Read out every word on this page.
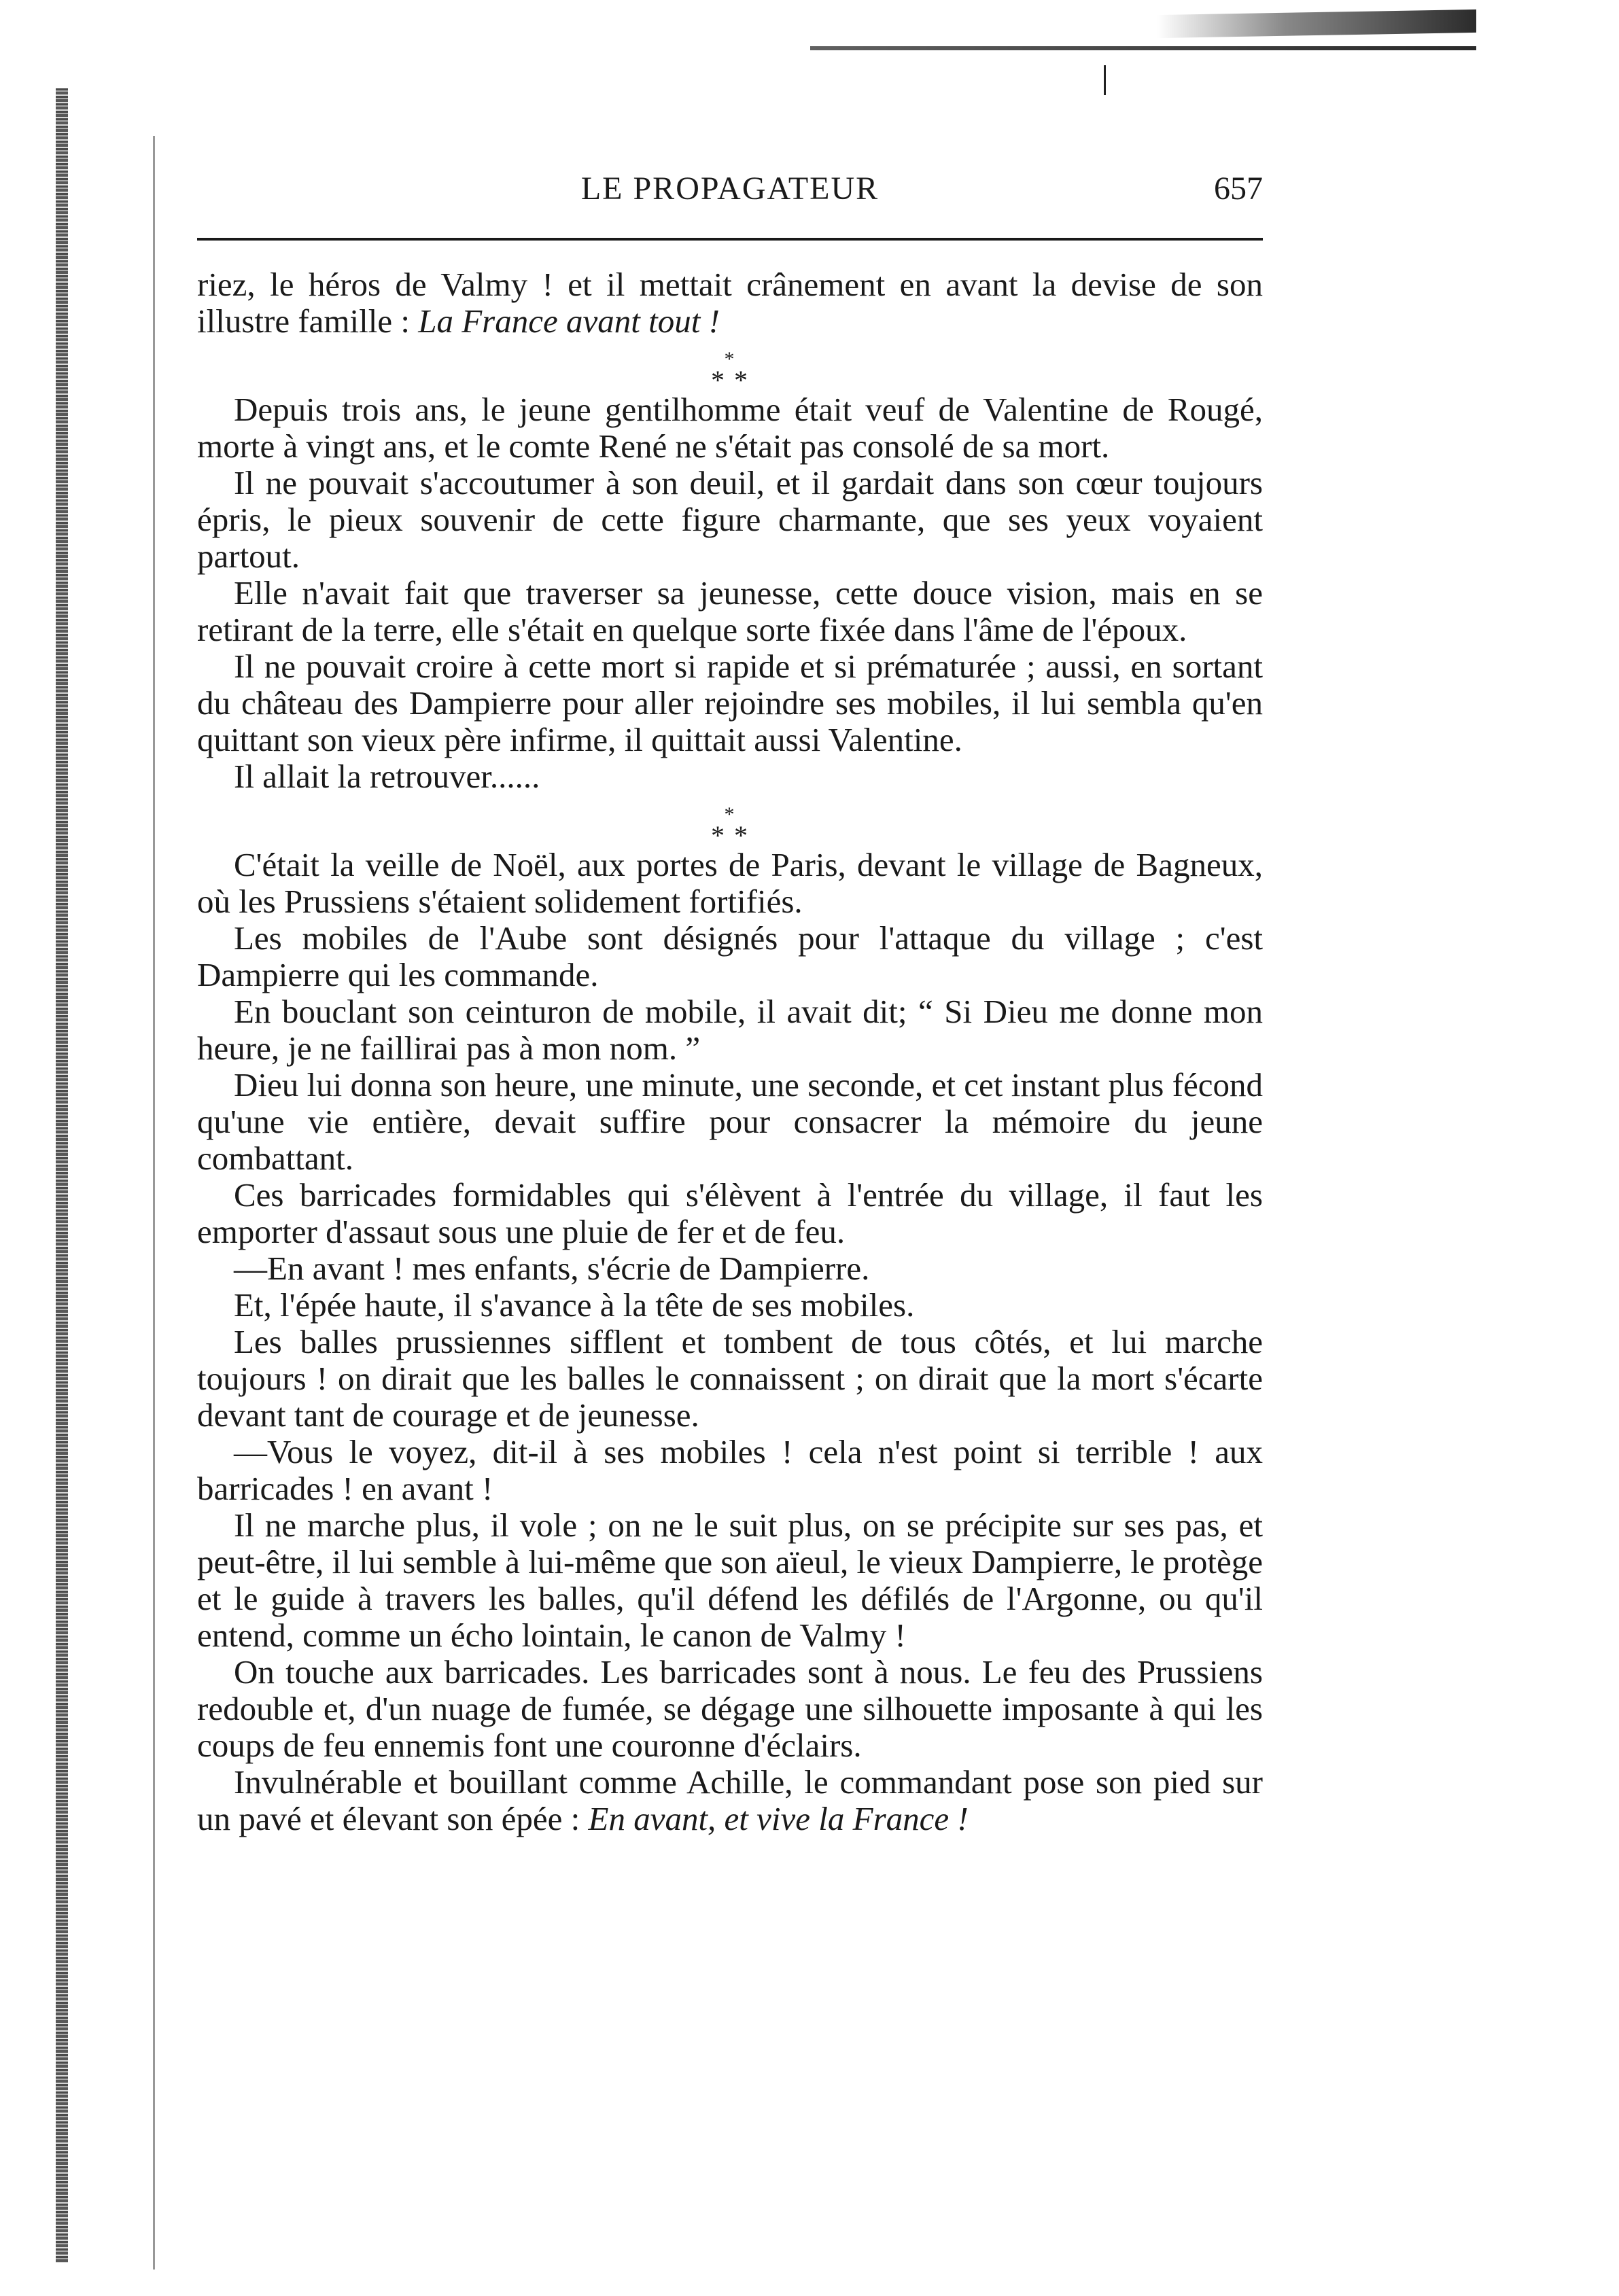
LE PROPAGATEUR	657

riez, le héros de Valmy ! et il mettait crânement en avant la devise de son illustre famille : La France avant tout !

*
* *

Depuis trois ans, le jeune gentilhomme était veuf de Valentine de Rougé, morte à vingt ans, et le comte René ne s'était pas consolé de sa mort.

Il ne pouvait s'accoutumer à son deuil, et il gardait dans son cœur toujours épris, le pieux souvenir de cette figure charmante, que ses yeux voyaient partout.

Elle n'avait fait que traverser sa jeunesse, cette douce vision, mais en se retirant de la terre, elle s'était en quelque sorte fixée dans l'âme de l'époux.

Il ne pouvait croire à cette mort si rapide et si prématurée ; aussi, en sortant du château des Dampierre pour aller rejoindre ses mobiles, il lui sembla qu'en quittant son vieux père infirme, il quittait aussi Valentine.

Il allait la retrouver......

*
* *

C'était la veille de Noël, aux portes de Paris, devant le village de Bagneux, où les Prussiens s'étaient solidement fortifiés.

Les mobiles de l'Aube sont désignés pour l'attaque du village ; c'est Dampierre qui les commande.

En bouclant son ceinturon de mobile, il avait dit; “ Si Dieu me donne mon heure, je ne faillirai pas à mon nom. ”

Dieu lui donna son heure, une minute, une seconde, et cet instant plus fécond qu'une vie entière, devait suffire pour consacrer la mémoire du jeune combattant.

Ces barricades formidables qui s'élèvent à l'entrée du village, il faut les emporter d'assaut sous une pluie de fer et de feu.

—En avant ! mes enfants, s'écrie de Dampierre.

Et, l'épée haute, il s'avance à la tête de ses mobiles.

Les balles prussiennes sifflent et tombent de tous côtés, et lui marche toujours ! on dirait que les balles le connaissent ; on dirait que la mort s'écarte devant tant de courage et de jeunesse.

—Vous le voyez, dit-il à ses mobiles ! cela n'est point si terrible ! aux barricades ! en avant !

Il ne marche plus, il vole ; on ne le suit plus, on se précipite sur ses pas, et peut-être, il lui semble à lui-même que son aïeul, le vieux Dampierre, le protège et le guide à travers les balles, qu'il défend les défilés de l'Argonne, ou qu'il entend, comme un écho lointain, le canon de Valmy !

On touche aux barricades. Les barricades sont à nous. Le feu des Prussiens redouble et, d'un nuage de fumée, se dégage une silhouette imposante à qui les coups de feu ennemis font une couronne d'éclairs.

Invulnérable et bouillant comme Achille, le commandant pose son pied sur un pavé et élevant son épée : En avant, et vive la France !
